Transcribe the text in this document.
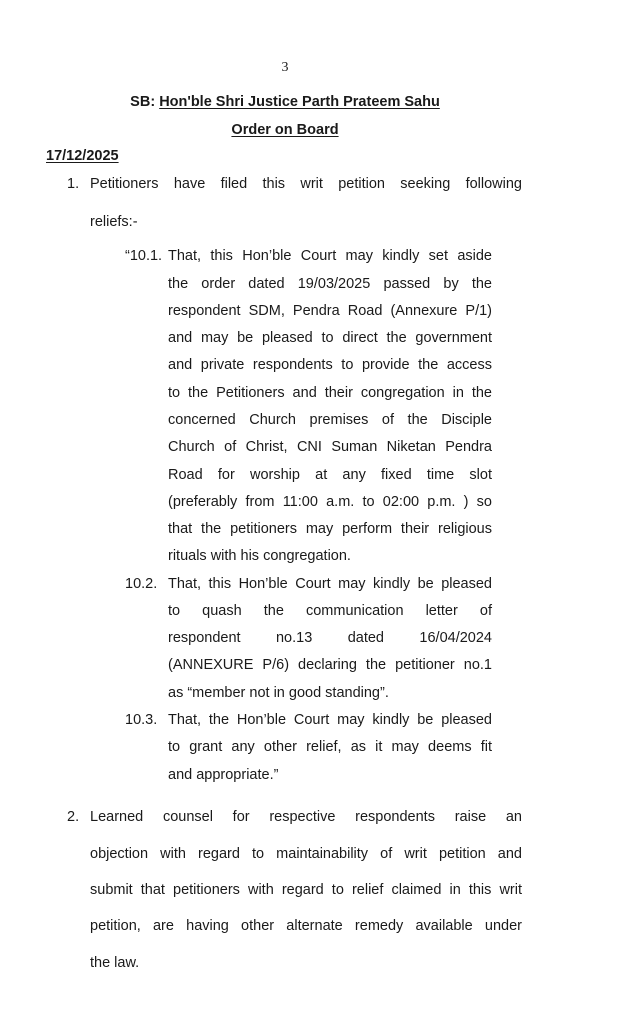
3
SB: Hon'ble Shri Justice Parth Prateem Sahu
Order on Board
17/12/2025
1. Petitioners have filed this writ petition seeking following
reliefs:-
“10.1. That, this Hon’ble Court may kindly set aside
the order dated 19/03/2025 passed by the
respondent SDM, Pendra Road (Annexure P/1)
and may be pleased to direct the government
and private respondents to provide the access
to the Petitioners and their congregation in the
concerned Church premises of the Disciple
Church of Christ, CNI Suman Niketan Pendra
Road for worship at any fixed time slot
(preferably from 11:00 a.m. to 02:00 p.m. ) so
that the petitioners may perform their religious
rituals with his congregation.
10.2. That, this Hon’ble Court may kindly be pleased
to quash the communication letter of
respondent no.13 dated 16/04/2024
(ANNEXURE P/6) declaring the petitioner no.1
as “member not in good standing”.
10.3. That, the Hon’ble Court may kindly be pleased
to grant any other relief, as it may deems fit
and appropriate.”
2. Learned counsel for respective respondents raise an
objection with regard to maintainability of writ petition and
submit that petitioners with regard to relief claimed in this writ
petition, are having other alternate remedy available under
the law.
